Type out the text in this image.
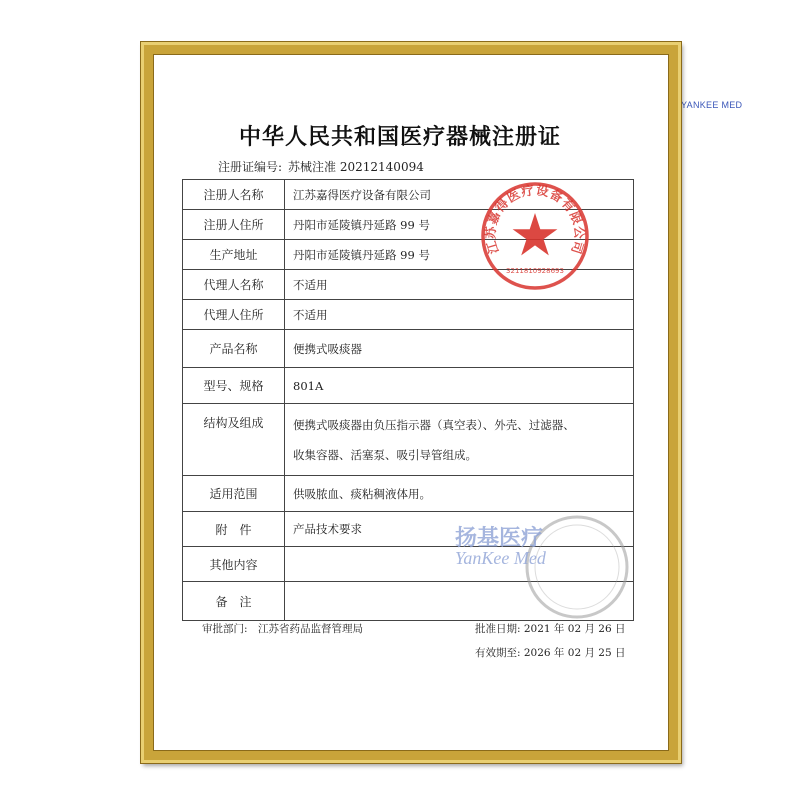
YANKEE MED
中华人民共和国医疗器械注册证
注册证编号: 苏械注准 20212140094
注册人名称	江苏嘉得医疗设备有限公司
注册人住所	丹阳市延陵镇丹延路 99 号
生产地址	丹阳市延陵镇丹延路 99 号
代理人名称	不适用
代理人住所	不适用
产品名称	便携式吸痰器
型号、规格	801A
结构及组成	便携式吸痰器由负压指示器（真空表）、外壳、过滤器、
收集容器、活塞泵、吸引导管组成。

适用范围	供吸脓血、痰粘稠液体用。
附　件	产品技术要求
其他内容	
备　注	
审批部门:　江苏省药品监督管理局	批准日期: 2021 年 02 月 26 日
有效期至: 2026 年 02 月 25 日
江苏嘉得医疗设备有限公司
3211810928693
扬基医疗
YanKee Med
